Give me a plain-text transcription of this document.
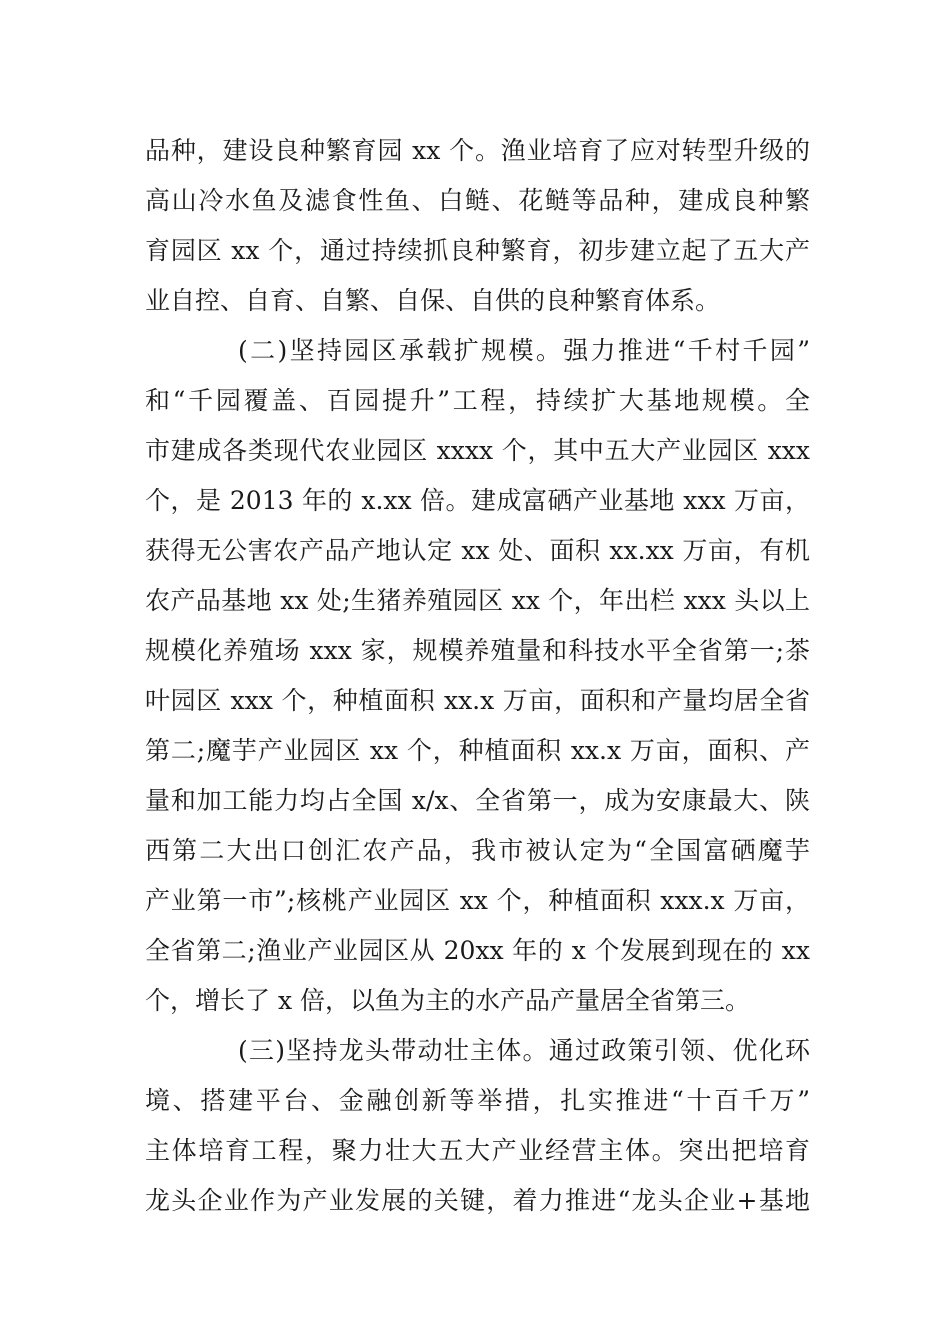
品种，建设良种繁育园 xx 个。渔业培育了应对转型升级的
高山冷水鱼及滤食性鱼、白鲢、花鲢等品种，建成良种繁
育园区 xx 个，通过持续抓良种繁育，初步建立起了五大产
业自控、自育、自繁、自保、自供的良种繁育体系。
(二)坚持园区承载扩规模。强力推进“千村千园”
和“千园覆盖、百园提升”工程，持续扩大基地规模。全
市建成各类现代农业园区 xxxx 个，其中五大产业园区 xxx
个，是 2013 年的 x.xx 倍。建成富硒产业基地 xxx 万亩，
获得无公害农产品产地认定 xx 处、面积 xx.xx 万亩，有机
农产品基地 xx 处;生猪养殖园区 xx 个，年出栏 xxx 头以上
规模化养殖场 xxx 家，规模养殖量和科技水平全省第一;茶
叶园区 xxx 个，种植面积 xx.x 万亩，面积和产量均居全省
第二;魔芋产业园区 xx 个，种植面积 xx.x 万亩，面积、产
量和加工能力均占全国 x/x、全省第一，成为安康最大、陕
西第二大出口创汇农产品，我市被认定为“全国富硒魔芋
产业第一市”;核桃产业园区 xx 个，种植面积 xxx.x 万亩，
全省第二;渔业产业园区从 20xx 年的 x 个发展到现在的 xx
个，增长了 x 倍，以鱼为主的水产品产量居全省第三。
(三)坚持龙头带动壮主体。通过政策引领、优化环
境、搭建平台、金融创新等举措，扎实推进“十百千万”
主体培育工程，聚力壮大五大产业经营主体。突出把培育
龙头企业作为产业发展的关键，着力推进“龙头企业+基地
